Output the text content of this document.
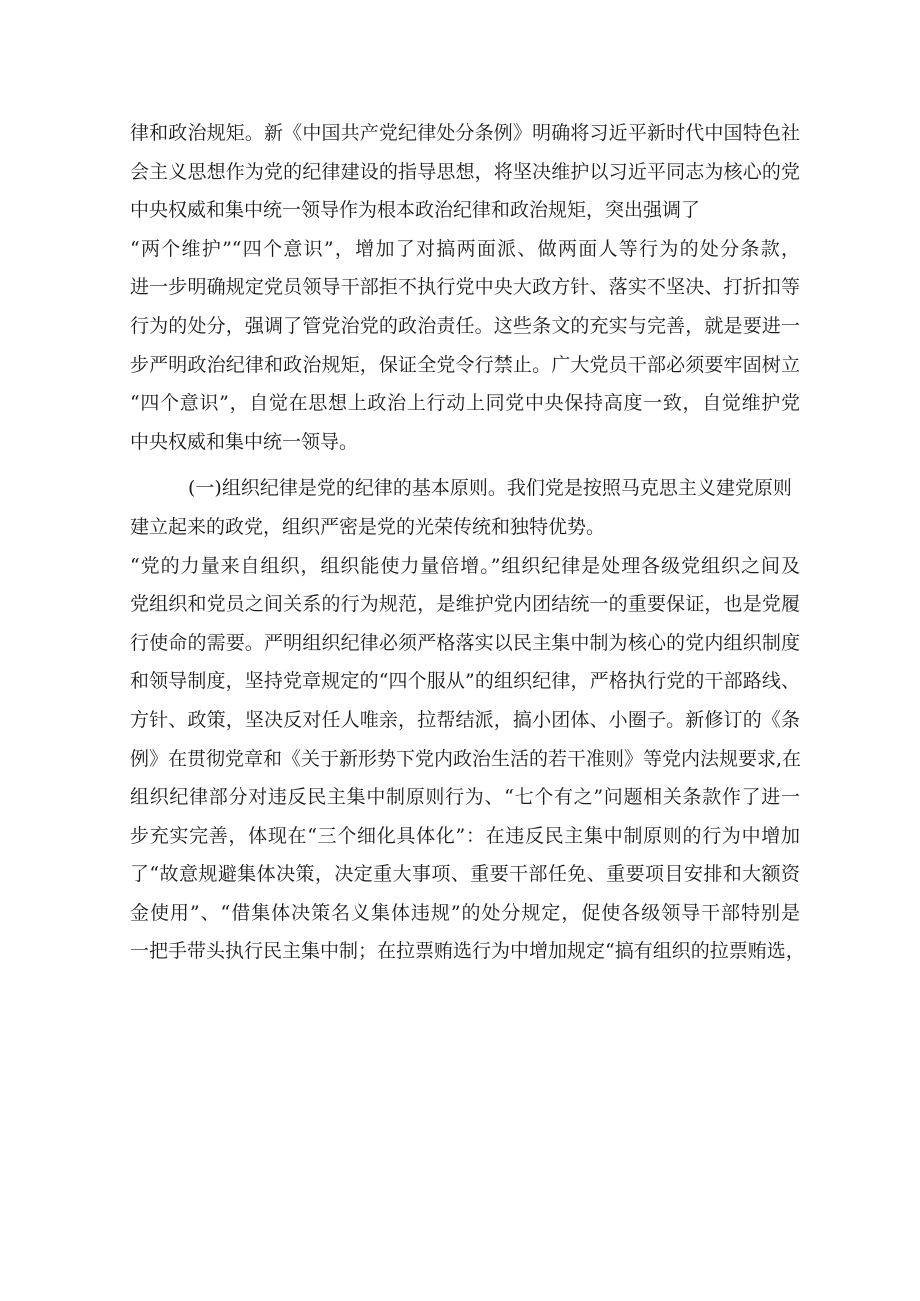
律和政治规矩。新《中国共产党纪律处分条例》明确将习近平新时代中国特色社
会主义思想作为党的纪律建设的指导思想，将坚决维护以习近平同志为核心的党
中央权威和集中统一领导作为根本政治纪律和政治规矩，突出强调了
“两个维护”“四个意识”，增加了对搞两面派、做两面人等行为的处分条款，
进一步明确规定党员领导干部拒不执行党中央大政方针、落实不坚决、打折扣等
行为的处分，强调了管党治党的政治责任。这些条文的充实与完善，就是要进一
步严明政治纪律和政治规矩，保证全党令行禁止。广大党员干部必须要牢固树立
“四个意识”，自觉在思想上政治上行动上同党中央保持高度一致，自觉维护党
中央权威和集中统一领导。
(一)组织纪律是党的纪律的基本原则。我们党是按照马克思主义建党原则
建立起来的政党，组织严密是党的光荣传统和独特优势。
“党的力量来自组织，组织能使力量倍增。”组织纪律是处理各级党组织之间及
党组织和党员之间关系的行为规范，是维护党内团结统一的重要保证，也是党履
行使命的需要。严明组织纪律必须严格落实以民主集中制为核心的党内组织制度
和领导制度，坚持党章规定的“四个服从”的组织纪律，严格执行党的干部路线、
方针、政策，坚决反对任人唯亲，拉帮结派，搞小团体、小圈子。新修订的《条
例》在贯彻党章和《关于新形势下党内政治生活的若干准则》等党内法规要求,在
组织纪律部分对违反民主集中制原则行为、“七个有之”问题相关条款作了进一
步充实完善，体现在“三个细化具体化”：在违反民主集中制原则的行为中增加
了“故意规避集体决策，决定重大事项、重要干部任免、重要项目安排和大额资
金使用”、“借集体决策名义集体违规”的处分规定，促使各级领导干部特别是
一把手带头执行民主集中制；在拉票贿选行为中增加规定“搞有组织的拉票贿选，
